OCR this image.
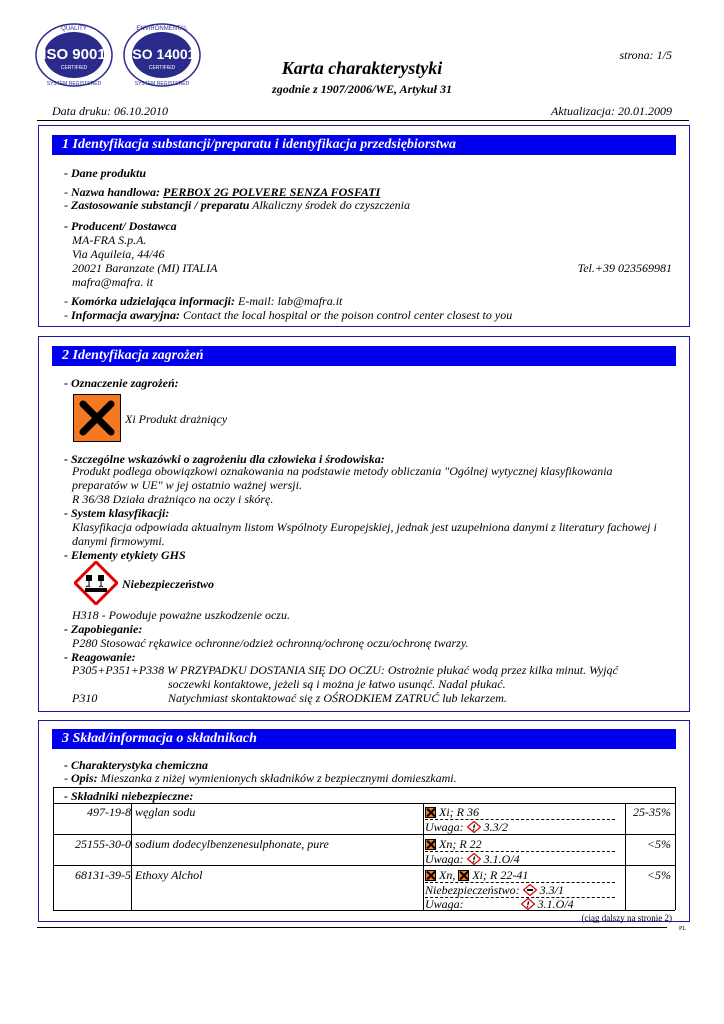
ISO 9001
CERTIFIED
QUALITY
SYSTEM REGISTERED
ISO 14001
CERTIFIED
ENVIRONMENTAL
SYSTEM REGISTERED
strona: 1/5
Karta charakterystyki
zgodnie z 1907/2006/WE, Artykuł 31
Data druku: 06.10.2010	Aktualizacja: 20.01.2009
1 Identyfikacja substancji/preparatu i identyfikacja przedsiębiorstwa
- Dane produktu
- Nazwa handlowa: PERBOX 2G POLVERE SENZA FOSFATI
- Zastosowanie substancji / preparatu Alkaliczny środek do czyszczenia
- Producent/ Dostawca
MA-FRA S.p.A.
Via Aquileia, 44/46
20021 Baranzate (MI) ITALIA	Tel.+39 023569981
mafra@mafra. it
- Komórka udzielająca informacji: E-mail: lab@mafra.it
- Informacja awaryjna: Contact the local hospital or the poison control center closest to you
2 Identyfikacja zagrożeń
- Oznaczenie zagrożeń:
Xi Produkt drażniący
- Szczególne wskazówki o zagrożeniu dla człowieka i środowiska:
Produkt podlega obowiązkowi oznakowania na podstawie metody obliczania "Ogólnej wytycznej klasyfikowania
preparatów w UE" w jej ostatnio ważnej wersji.
R 36/38 Działa drażniąco na oczy i skórę.
- System klasyfikacji:
Klasyfikacja odpowiada aktualnym listom Wspólnoty Europejskiej, jednak jest uzupełniona danymi z literatury fachowej i
danymi firmowymi.
- Elementy etykiety GHS
Niebezpieczeństwo
H318 - Powoduje poważne uszkodzenie oczu.
- Zapobieganie:
P280 Stosować rękawice ochronne/odzież ochronną/ochronę oczu/ochronę twarzy.
- Reagowanie:
P305+P351+P338 W PRZYPADKU DOSTANIA SIĘ DO OCZU: Ostrożnie płukać wodą przez kilka minut. Wyjąć
soczewki kontaktowe, jeżeli są i można je łatwo usunąć. Nadal płukać.
P310	Natychmiast skontaktować się z OŚRODKIEM ZATRUĆ lub lekarzem.
3 Skład/informacja o składnikach
- Charakterystyka chemiczna
- Opis: Mieszanka z niżej wymienionych składników z bezpiecznymi domieszkami.
- Składniki niebezpieczne:
497-19-8 węglan sodu	Xi; R 36
Uwaga: ! 3.3/2
25-35%
25155-30-0 sodium dodecylbenzenesulphonate, pure	Xn; R 22
Uwaga: ! 3.1.O/4
<5%
68131-39-5 Ethoxy Alchol	Xn, Xi; R 22-41
Niebezpieczeństwo: 3.3/1
Uwaga:	! 3.1.O/4
<5%
(ciąg dalszy na stronie 2)
PL
